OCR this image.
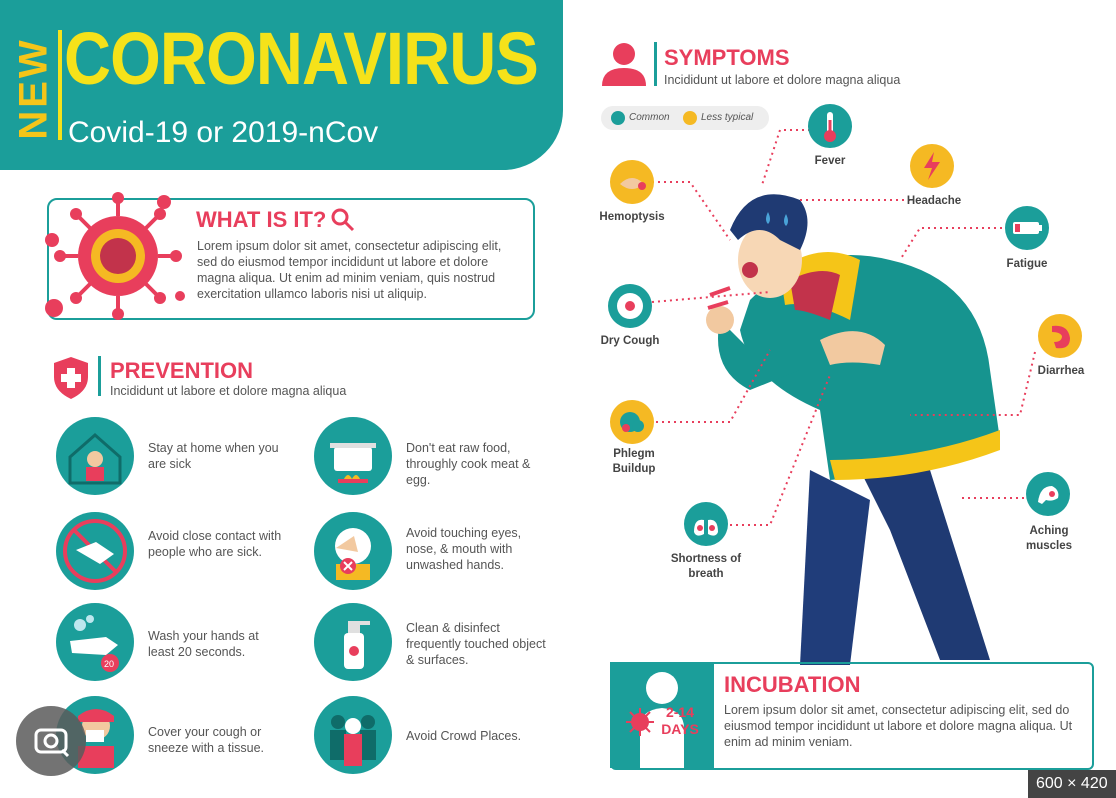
NEW CORONAVIRUS
Covid-19 or 2019-nCov
WHAT IS IT?
Lorem ipsum dolor sit amet, consectetur adipiscing elit, sed do eiusmod tempor incididunt ut labore et dolore magna aliqua. Ut enim ad minim veniam, quis nostrud exercitation ullamco laboris nisi ut aliquip.
PREVENTION
Incididunt ut labore et dolore magna aliqua
Stay at home when you are sick
Don't eat raw food, throughly cook meat & egg.
Avoid close contact with people who are sick.
Avoid touching eyes, nose, & mouth with unwashed hands.
20
Wash your hands at least 20 seconds.
Clean & disinfect frequently touched object & surfaces.
Cover your cough or sneeze with a tissue.
Avoid Crowd Places.
SYMPTOMS
Incididunt ut labore et dolore magna aliqua
Common	Less typical
Fever
Headache
Hemoptysis
Fatigue
Dry Cough
Diarrhea
Phlegm Buildup
Aching muscles
Shortness of breath
2-14
DAYS
INCUBATION
Lorem ipsum dolor sit amet, consectetur adipiscing elit, sed do eiusmod tempor incididunt ut labore et dolore magna aliqua. Ut enim ad minim veniam.
600 × 420
